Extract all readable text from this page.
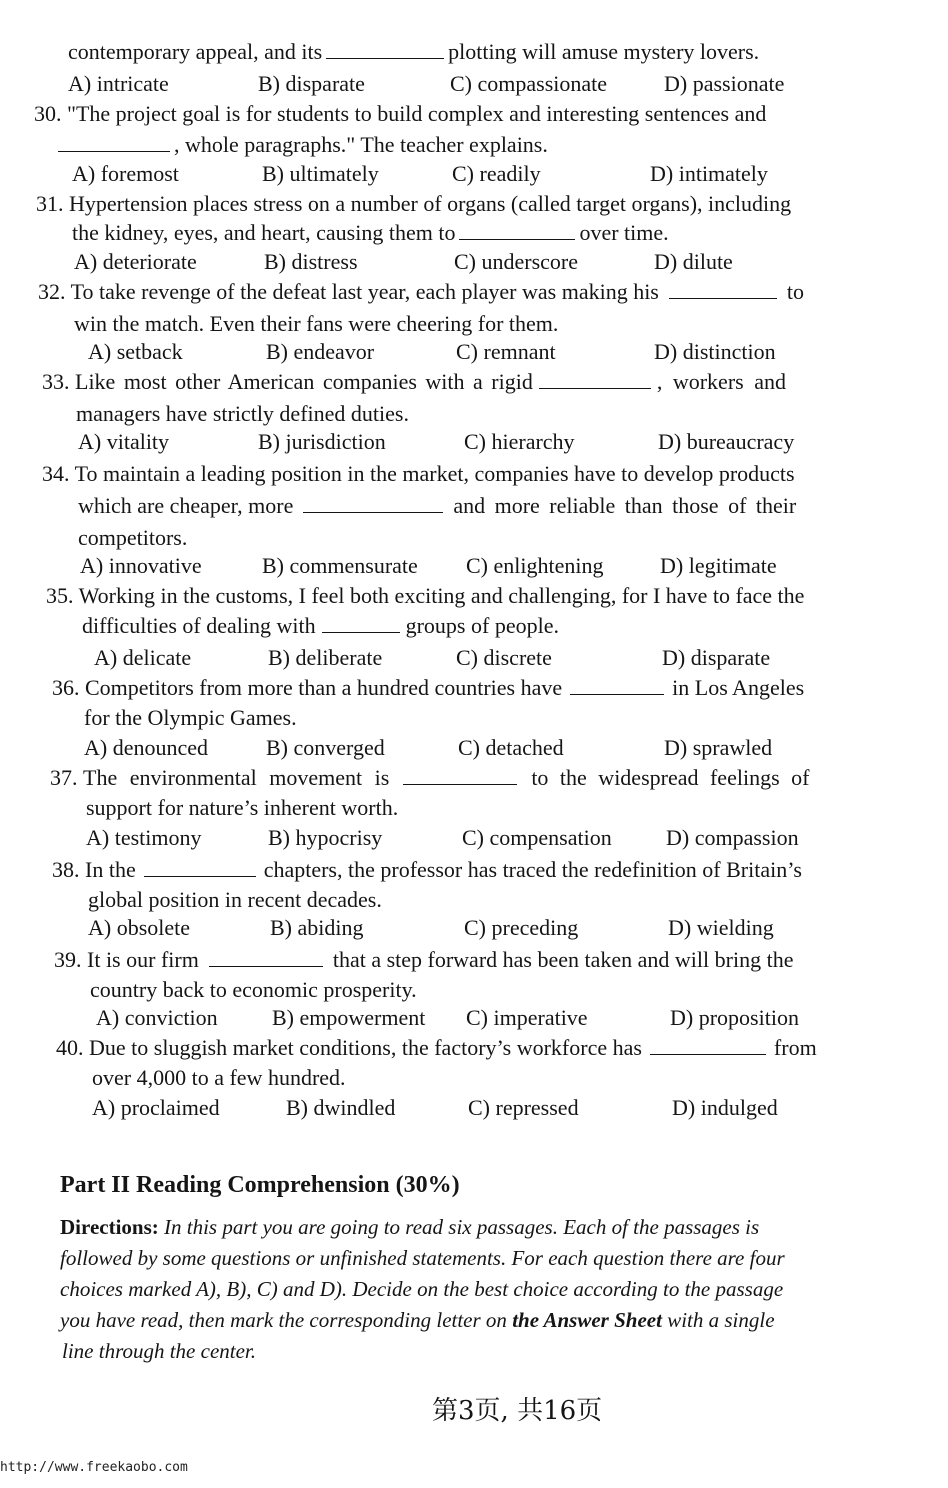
contemporary appeal, and its	plotting will amuse mystery lovers.
A) intricate	B) disparate	C) compassionate	D) passionate
30. "The project goal is for students to build complex and interesting sentences and
, whole paragraphs." The teacher explains.
A) foremost	B) ultimately	C) readily	D) intimately
31. Hypertension places stress on a number of organs (called target organs), including
the kidney, eyes, and heart, causing them to	over time.
A) deteriorate	B) distress	C) underscore	D) dilute
32. To take revenge of the defeat last year, each player was making his	to
win the match. Even their fans were cheering for them.
A) setback	B) endeavor	C) remnant	D) distinction
33. Like most other American companies with a rigid	, workers and
managers have strictly defined duties.
A) vitality	B) jurisdiction	C) hierarchy	D) bureaucracy
34. To maintain a leading position in the market, companies have to develop products
which are cheaper, more	and more reliable than those of their
competitors.
A) innovative	B) commensurate C) enlightening	D) legitimate
35. Working in the customs, I feel both exciting and challenging, for I have to face the
difficulties of dealing with	groups of people.
A) delicate	B) deliberate	C) discrete	D) disparate
36. Competitors from more than a hundred countries have	in Los Angeles
for the Olympic Games.
A) denounced	B) converged	C) detached	D) sprawled
37. The environmental movement is	to the widespread feelings of
support for nature’s inherent worth.
A) testimony	B) hypocrisy	C) compensation D) compassion
38. In the	chapters, the professor has traced the redefinition of Britain’s
global position in recent decades.
A) obsolete	B) abiding	C) preceding	D) wielding
39. It is our firm	that a step forward has been taken and will bring the
country back to economic prosperity.
A) conviction B) empowerment C) imperative	D) proposition
40. Due to sluggish market conditions, the factory’s workforce has	from
over 4,000 to a few hundred.
A) proclaimed	B) dwindled	C) repressed	D) indulged
Part II Reading Comprehension (30%)
Directions: In this part you are going to read six passages. Each of the passages is
followed by some questions or unfinished statements. For each question there are four
choices marked A), B), C) and D). Decide on the best choice according to the passage
you have read, then mark the corresponding letter on the Answer Sheet with a single
line through the center.
第3页, 共16页
http://www.freekaobo.com
